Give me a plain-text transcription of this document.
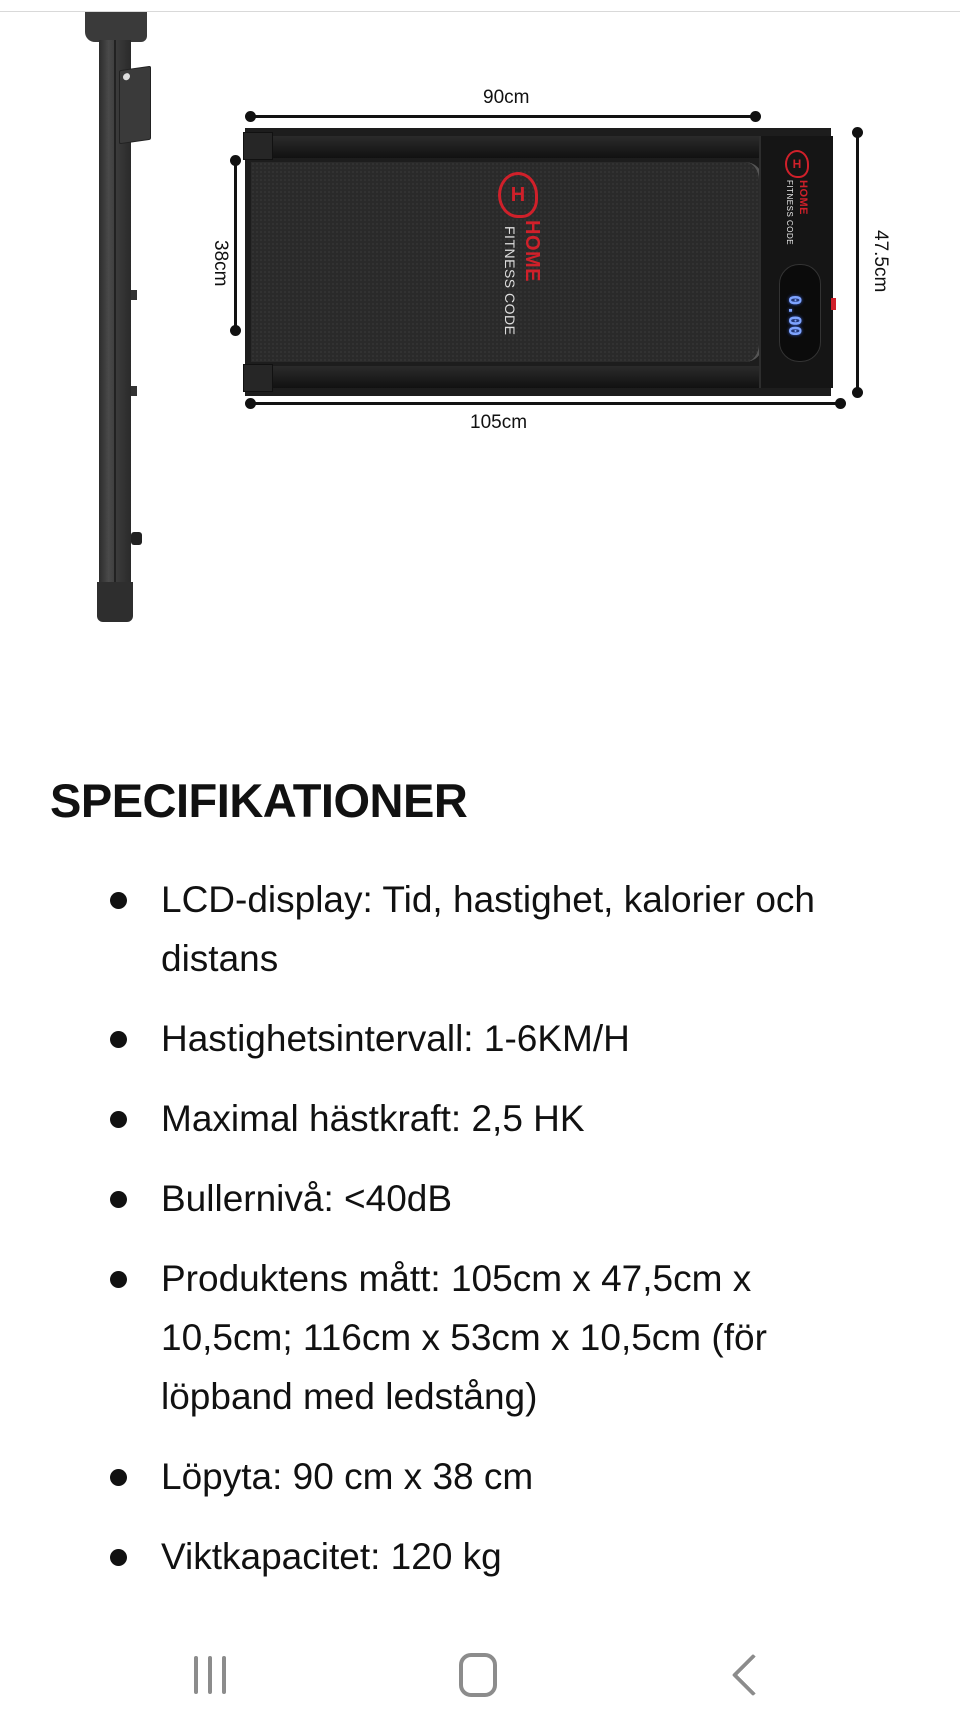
90cm
38cm
H
HOME
FITNESS CODE
H
HOME
FITNESS CODE
0.00
47.5cm
105cm
SPECIFIKATIONER
LCD-display: Tid, hastighet, kalorier och distans
Hastighetsintervall: 1-6KM/H
Maximal hästkraft: 2,5 HK
Bullernivå: <40dB
Produktens mått: 105cm x 47,5cm x 10,5cm; 116cm x 53cm x 10,5cm (för löpband med ledstång)
Löpyta: 90 cm x 38 cm
Viktkapacitet: 120 kg
